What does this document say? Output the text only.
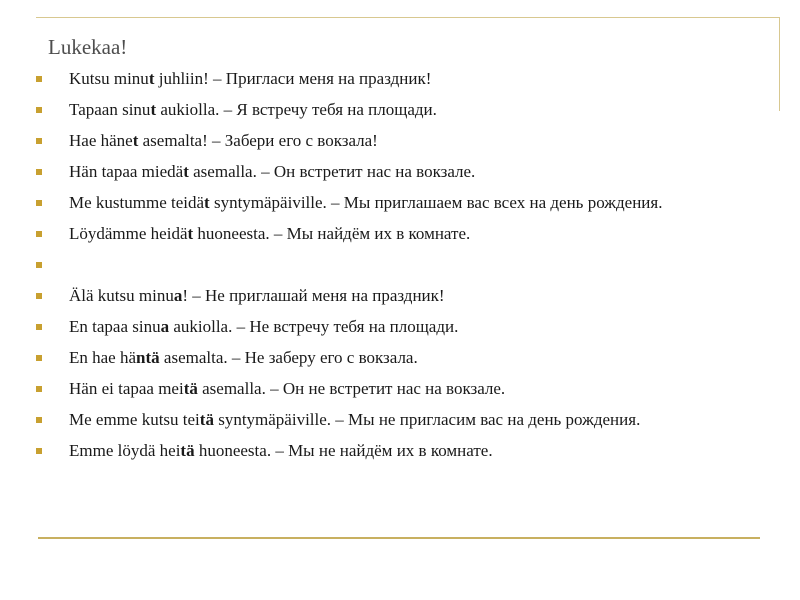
Lukekaa!
Kutsu minut juhliin! – Пригласи меня на праздник!
Tapaan sinut aukiolla. – Я встречу тебя на площади.
Hae hänet asemalta! – Забери его с вокзала!
Hän tapaa miedät asemalla. – Он встретит нас на вокзале.
Me kustumme teidät syntymäpäiville. – Мы приглашаем вас всех на день рождения.
Löydämme heidät huoneesta. – Мы найдём их в комнате.

Älä kutsu minua! – Не приглашай меня на праздник!
En tapaa sinua aukiolla. – Не встречу тебя на площади.
En hae häntä asemalta. – Не заберу его с вокзала.
Hän ei tapaa meitä asemalla. – Он не встретит нас на вокзале.
Me emme kutsu teitä syntymäpäiville. – Мы не пригласим вас на день рождения.
Emme löydä heitä huoneesta. – Мы не найдём их в комнате.
